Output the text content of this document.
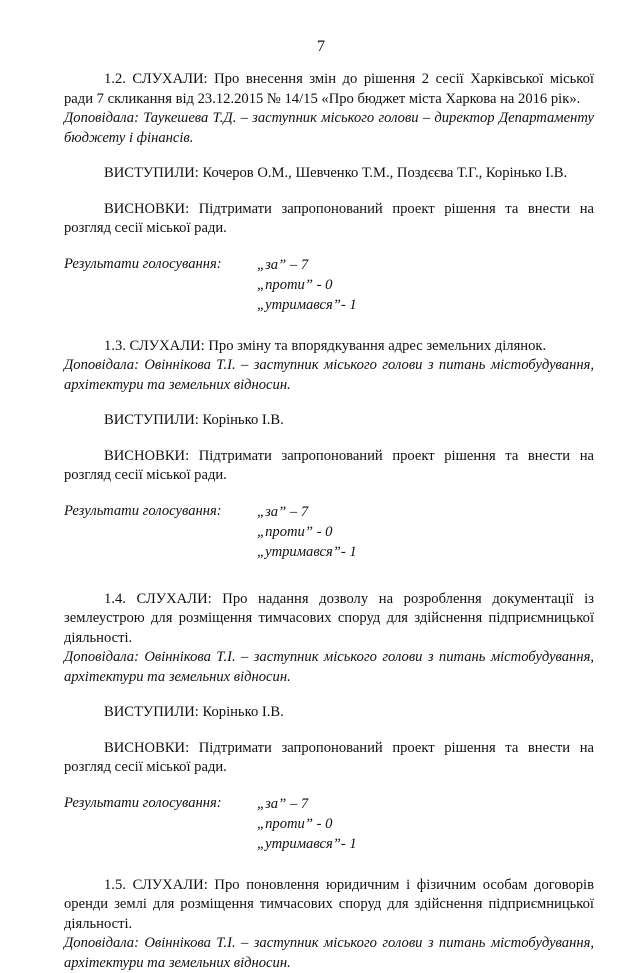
7

1.2. СЛУХАЛИ: Про внесення змін до рішення 2 сесії Харківської міської ради 7 скликання від 23.12.2015 № 14/15 «Про бюджет міста Харкова на 2016 рік».

Доповідала: Таукешева Т.Д. – заступник міського голови – директор Департаменту бюджету і фінансів.

ВИСТУПИЛИ: Кочеров О.М., Шевченко Т.М., Поздєєва Т.Г., Корінько І.В.

ВИСНОВКИ: Підтримати запропонований проект рішення та внести на розгляд сесії міської ради.

Результати голосування:	„за” – 7
„проти” - 0
„утримався”- 1

1.3. СЛУХАЛИ: Про зміну та впорядкування адрес земельних ділянок.

Доповідала: Овіннікова Т.І. – заступник міського голови з питань містобудування, архітектури та земельних відносин.

ВИСТУПИЛИ: Корінько І.В.

ВИСНОВКИ: Підтримати запропонований проект рішення та внести на розгляд сесії міської ради.

Результати голосування:	„за” – 7
„проти” - 0
„утримався”- 1

1.4. СЛУХАЛИ: Про надання дозволу на розроблення документації із землеустрою для розміщення тимчасових споруд для здійснення підприємницької діяльності.

Доповідала: Овіннікова Т.І. – заступник міського голови з питань містобудування, архітектури та земельних відносин.

ВИСТУПИЛИ: Корінько І.В.

ВИСНОВКИ: Підтримати запропонований проект рішення та внести на розгляд сесії міської ради.

Результати голосування:	„за” – 7
„проти” - 0
„утримався”- 1

1.5. СЛУХАЛИ: Про поновлення юридичним і фізичним особам договорів оренди землі для розміщення тимчасових споруд для здійснення підприємницької діяльності.

Доповідала: Овіннікова Т.І. – заступник міського голови з питань містобудування, архітектури та земельних відносин.
